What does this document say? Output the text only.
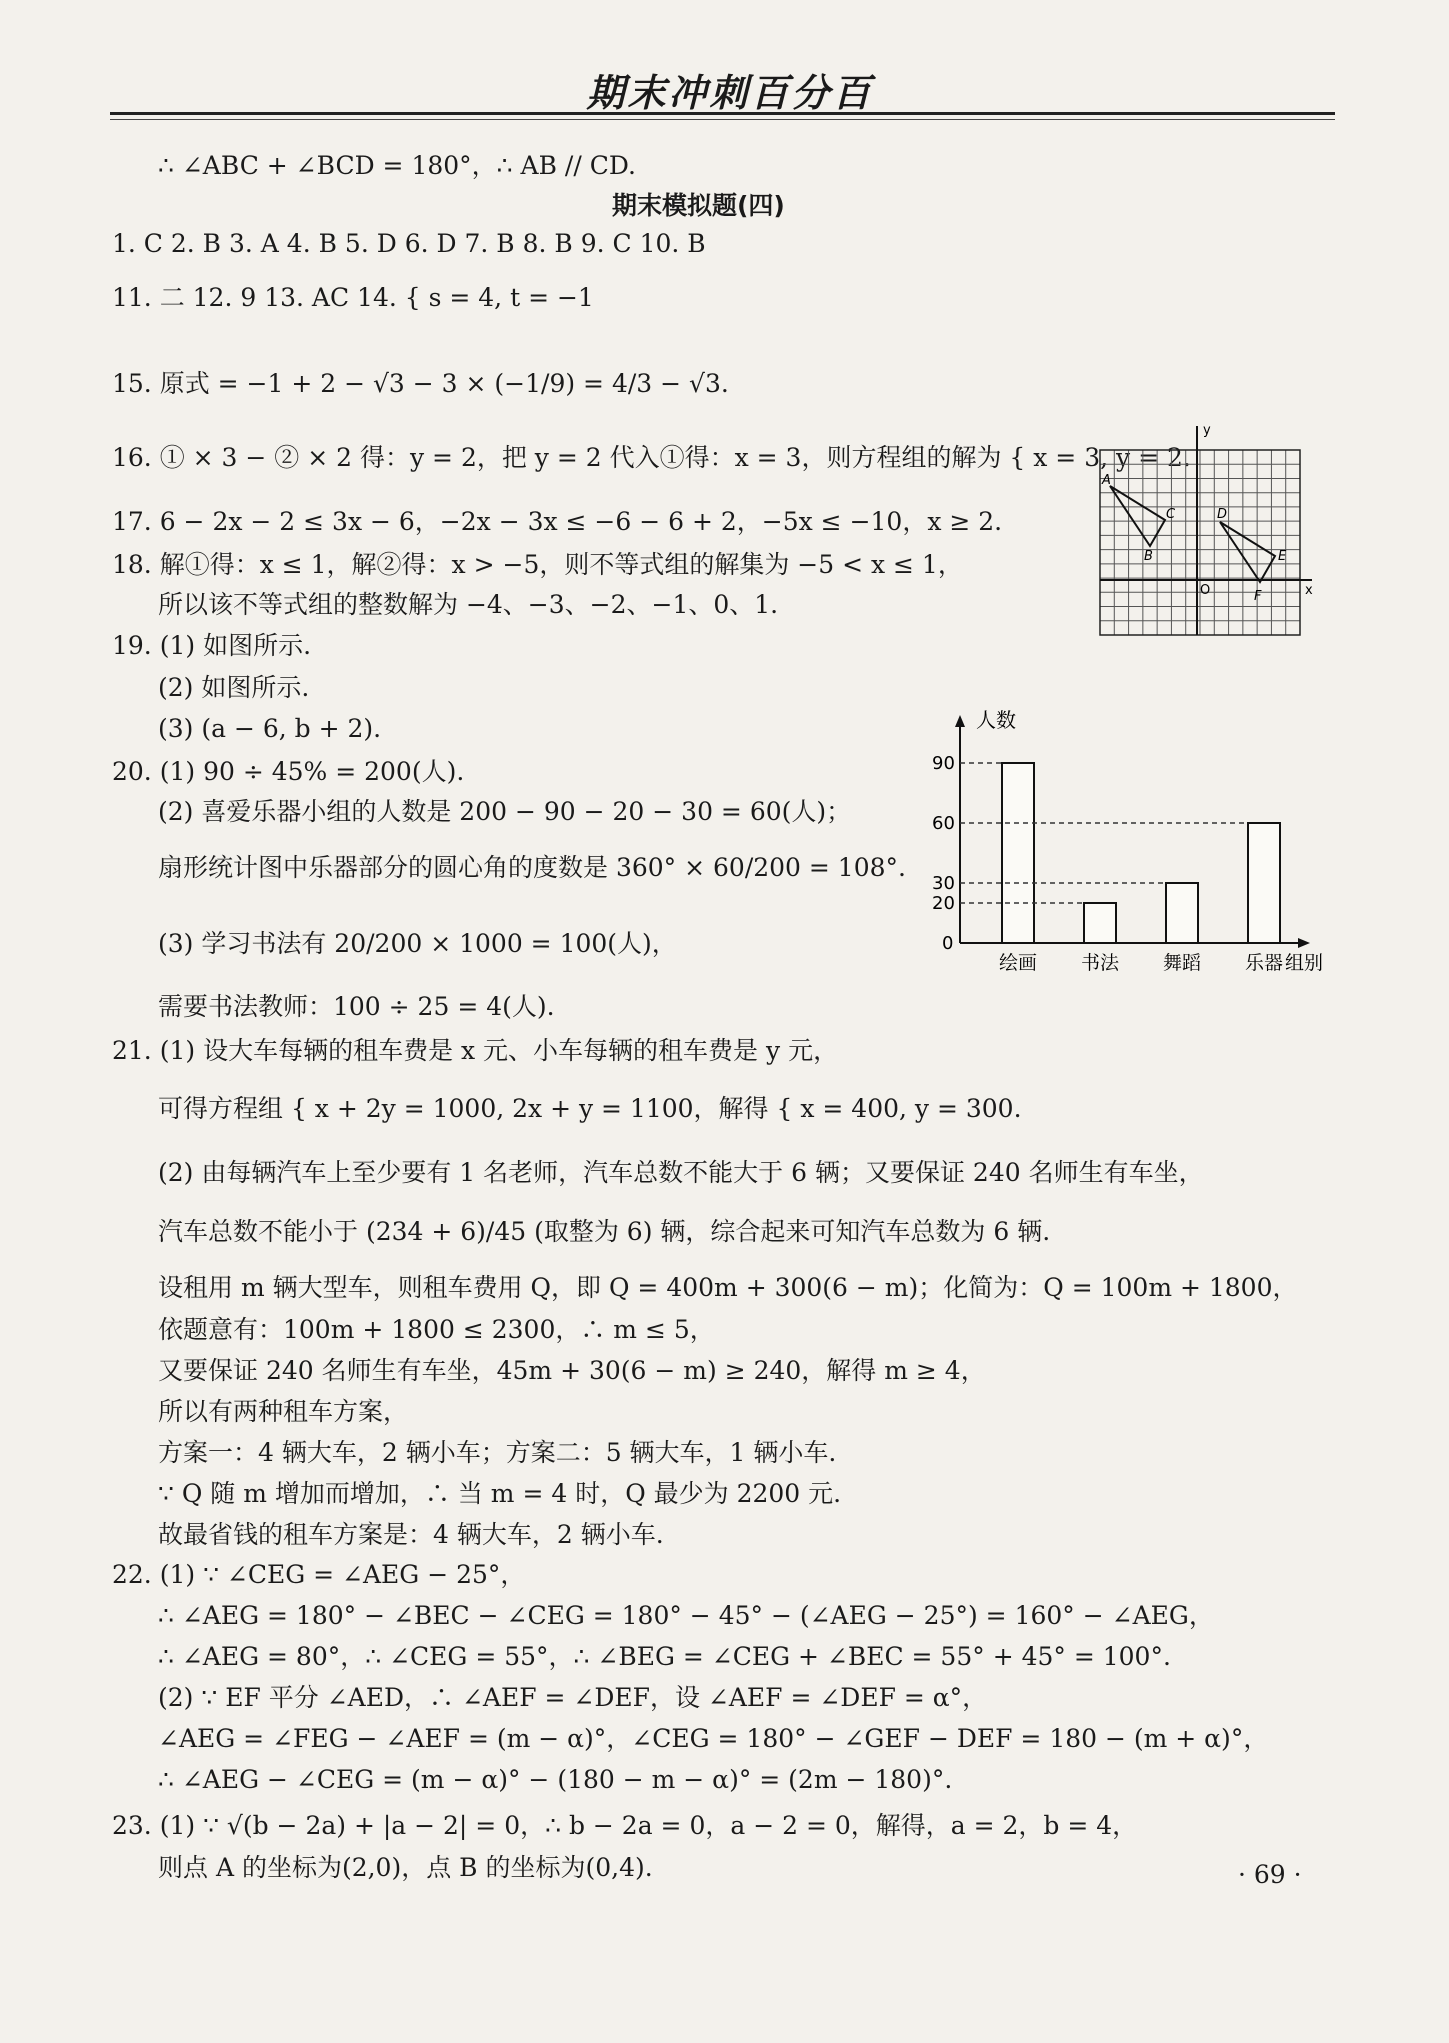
期末冲刺百分百
∴ ∠ABC + ∠BCD = 180°，∴ AB // CD.
期末模拟题(四)
1. C 2. B 3. A 4. B 5. D 6. D 7. B 8. B 9. C 10. B
11. 二 12. 9 13. AC 14. { s = 4, t = −1
15. 原式 = −1 + 2 − √3 − 3 × (−1/9) = 4/3 − √3.
16. ① × 3 − ② × 2 得：y = 2，把 y = 2 代入①得：x = 3，则方程组的解为 { x = 3, y = 2.
17. 6 − 2x − 2 ≤ 3x − 6，−2x − 3x ≤ −6 − 6 + 2，−5x ≤ −10，x ≥ 2.
18. 解①得：x ≤ 1，解②得：x > −5，则不等式组的解集为 −5 < x ≤ 1，
所以该不等式组的整数解为 −4、−3、−2、−1、0、1.
19. (1) 如图所示.
(2) 如图所示.
(3) (a − 6, b + 2).
20. (1) 90 ÷ 45% = 200(人).
(2) 喜爱乐器小组的人数是 200 − 90 − 20 − 30 = 60(人)；
扇形统计图中乐器部分的圆心角的度数是 360° × 60/200 = 108°.
(3) 学习书法有 20/200 × 1000 = 100(人)，
需要书法教师：100 ÷ 25 = 4(人).
21. (1) 设大车每辆的租车费是 x 元、小车每辆的租车费是 y 元，
可得方程组 { x + 2y = 1000, 2x + y = 1100，解得 { x = 400, y = 300.
(2) 由每辆汽车上至少要有 1 名老师，汽车总数不能大于 6 辆；又要保证 240 名师生有车坐，
汽车总数不能小于 (234 + 6)/45 (取整为 6) 辆，综合起来可知汽车总数为 6 辆.
设租用 m 辆大型车，则租车费用 Q，即 Q = 400m + 300(6 − m)；化简为：Q = 100m + 1800，
依题意有：100m + 1800 ≤ 2300，∴ m ≤ 5，
又要保证 240 名师生有车坐，45m + 30(6 − m) ≥ 240，解得 m ≥ 4，
所以有两种租车方案，
方案一：4 辆大车，2 辆小车；方案二：5 辆大车，1 辆小车.
∵ Q 随 m 增加而增加，∴ 当 m = 4 时，Q 最少为 2200 元.
故最省钱的租车方案是：4 辆大车，2 辆小车.
22. (1) ∵ ∠CEG = ∠AEG − 25°，
∴ ∠AEG = 180° − ∠BEC − ∠CEG = 180° − 45° − (∠AEG − 25°) = 160° − ∠AEG，
∴ ∠AEG = 80°，∴ ∠CEG = 55°，∴ ∠BEG = ∠CEG + ∠BEC = 55° + 45° = 100°.
(2) ∵ EF 平分 ∠AED，∴ ∠AEF = ∠DEF，设 ∠AEF = ∠DEF = α°，
∠AEG = ∠FEG − ∠AEF = (m − α)°，∠CEG = 180° − ∠GEF − DEF = 180 − (m + α)°，
∴ ∠AEG − ∠CEG = (m − α)° − (180 − m − α)° = (2m − 180)°.
23. (1) ∵ √(b − 2a) + |a − 2| = 0，∴ b − 2a = 0，a − 2 = 0，解得，a = 2，b = 4，
则点 A 的坐标为(2,0)，点 B 的坐标为(0,4).
x
y
O
A
B
C	D
E
F
人数
组别
0
20
30
60
90
绘画 书法 舞蹈 乐器
· 69 ·
